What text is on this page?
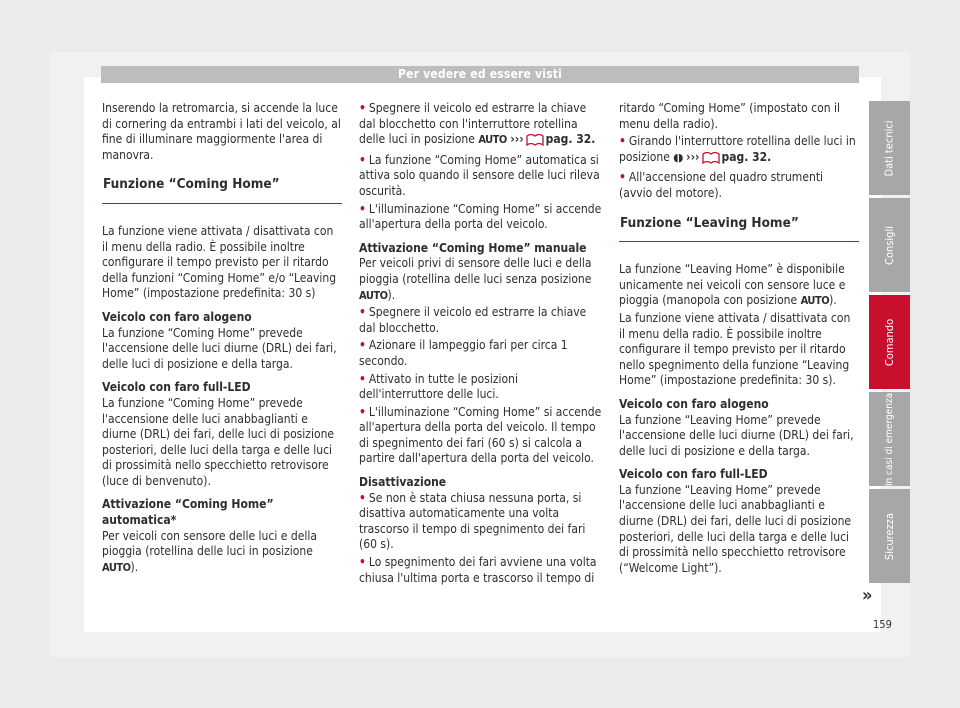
Per vedere ed essere visti

Inserendo la retromarcia, si accende la luce di cornering da entrambi i lati del veicolo, al fine di illuminare maggiormente l'area di manovra.

Funzione “Coming Home”

La funzione viene attivata / disattivata con il menu della radio. È possibile inoltre configurare il tempo previsto per il ritardo della funzioni “Coming Home” e/o “Leaving Home” (impostazione predefinita: 30 s)

Veicolo con faro alogeno

La funzione “Coming Home” prevede l'accensione delle luci diurne (DRL) dei fari, delle luci di posizione e della targa.

Veicolo con faro full-LED

La funzione “Coming Home” prevede l'accensione delle luci anabbaglianti e diurne (DRL) dei fari, delle luci di posizione posteriori, delle luci della targa e delle luci di prossimità nello specchietto retrovisore (luce di benvenuto).

Attivazione “Coming Home” automatica*

Per veicoli con sensore delle luci e della pioggia (rotellina delle luci in posizione AUTO).

• Spegnere il veicolo ed estrarre la chiave dal blocchetto con l'interruttore rotellina delle luci in posizione AUTO ››› pag. 32.

• La funzione “Coming Home” automatica si attiva solo quando il sensore delle luci rileva oscurità.

• L'illuminazione “Coming Home” si accende all'apertura della porta del veicolo.

Attivazione “Coming Home” manuale

Per veicoli privi di sensore delle luci e della pioggia (rotellina delle luci senza posizione AUTO).

• Spegnere il veicolo ed estrarre la chiave dal blocchetto.

• Azionare il lampeggio fari per circa 1 secondo.

• Attivato in tutte le posizioni dell'interruttore delle luci.

• L'illuminazione “Coming Home” si accende all'apertura della porta del veicolo. Il tempo di spegnimento dei fari (60 s) si calcola a partire dall'apertura della porta del veicolo.

Disattivazione

• Se non è stata chiusa nessuna porta, si disattiva automaticamente una volta trascorso il tempo di spegnimento dei fari (60 s).

• Lo spegnimento dei fari avviene una volta chiusa l'ultima porta e trascorso il tempo di

ritardo “Coming Home” (impostato con il menu della radio).

• Girando l'interruttore rotellina delle luci in posizione ◖◗ ››› pag. 32.

• All'accensione del quadro strumenti (avvio del motore).

Funzione “Leaving Home”

La funzione “Leaving Home” è disponibile unicamente nei veicoli con sensore luce e pioggia (manopola con posizione AUTO).

La funzione viene attivata / disattivata con il menu della radio. È possibile inoltre configurare il tempo previsto per il ritardo nello spegnimento della funzione “Leaving Home” (impostazione predefinita: 30 s).

Veicolo con faro alogeno

La funzione “Leaving Home” prevede l'accensione delle luci diurne (DRL) dei fari, delle luci di posizione e della targa.

Veicolo con faro full-LED

La funzione “Leaving Home” prevede l'accensione delle luci anabbaglianti e diurne (DRL) dei fari, delle luci di posizione posteriori, delle luci della targa e delle luci di prossimità nello specchietto retrovisore (“Welcome Light”).

»
Dati tecnici
Consigli
Comando
In casi di emergenza
Sicurezza
159
